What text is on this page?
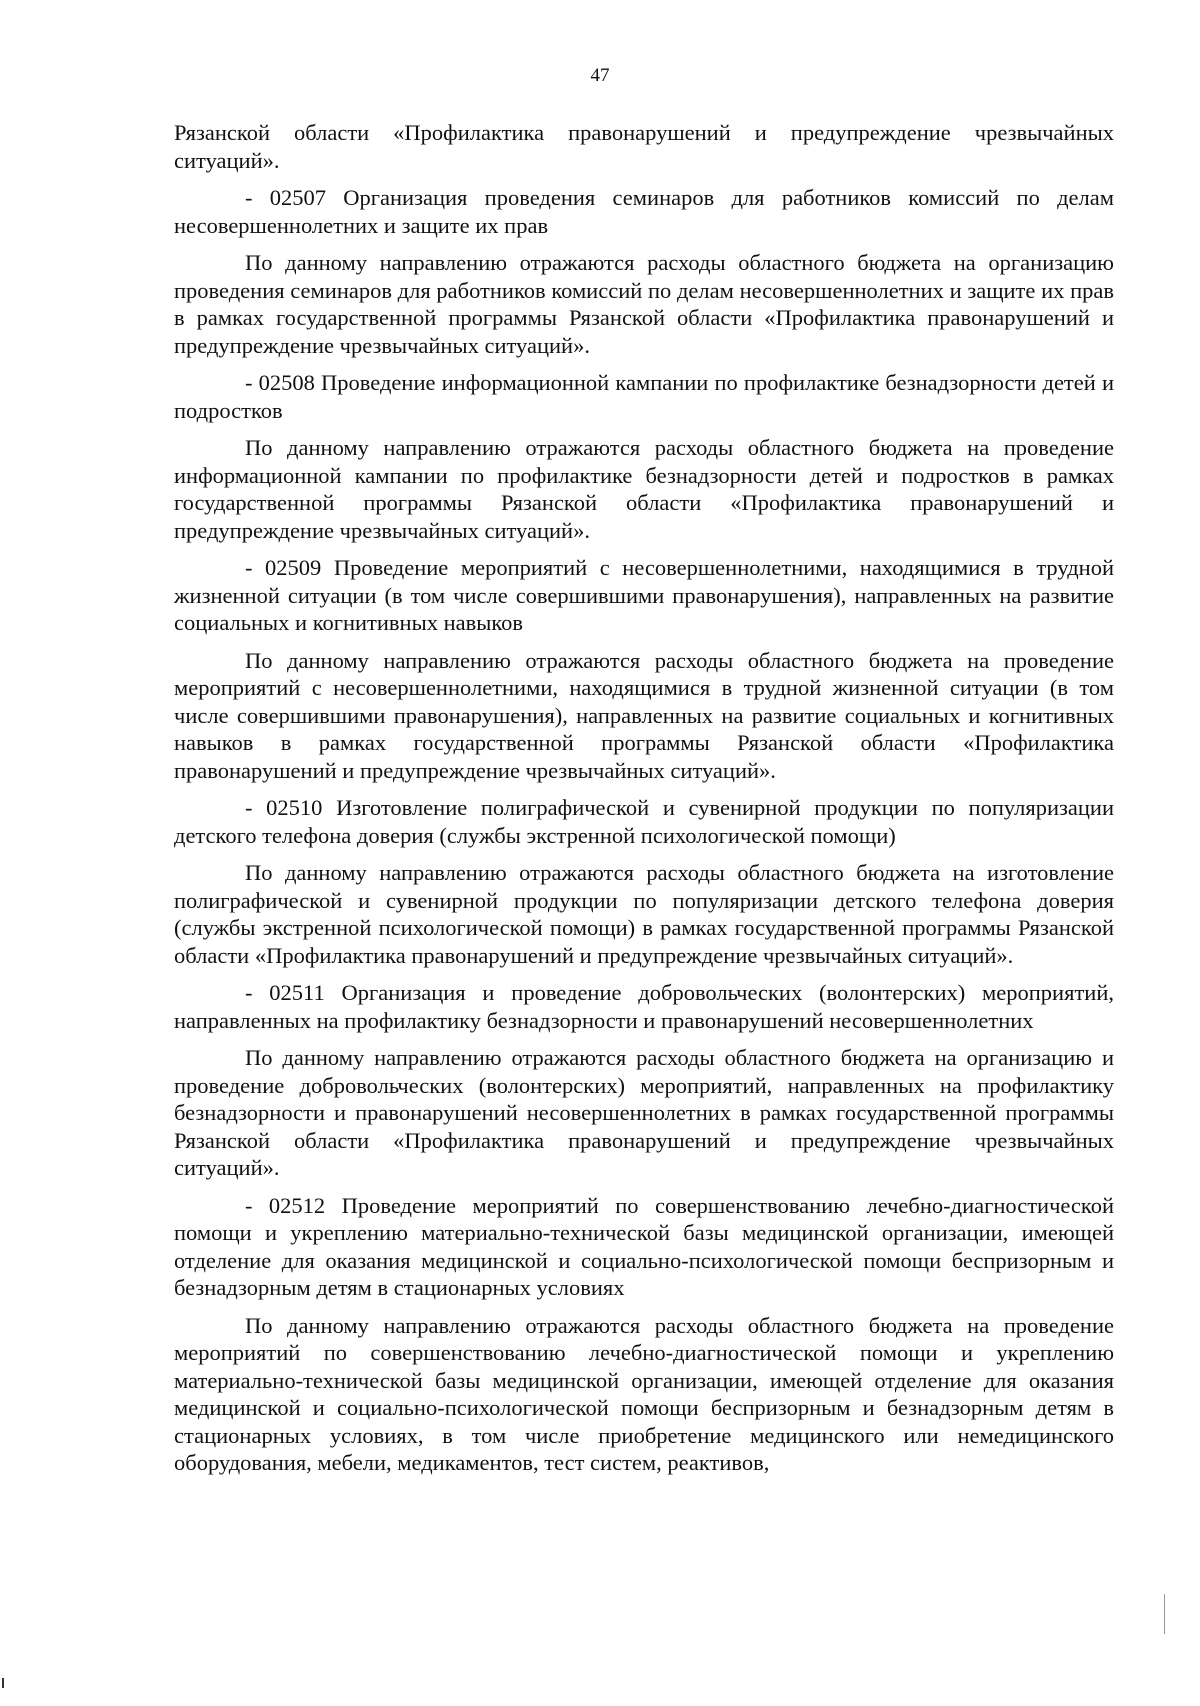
47

Рязанской области «Профилактика правонарушений и предупреждение чрезвычайных ситуаций».

- 02507 Организация проведения семинаров для работников комиссий по делам несовершеннолетних и защите их прав

По данному направлению отражаются расходы областного бюджета на организацию проведения семинаров для работников комиссий по делам несовершеннолетних и защите их прав в рамках государственной программы Рязанской области «Профилактика правонарушений и предупреждение чрезвычайных ситуаций».

- 02508 Проведение информационной кампании по профилактике безнадзорности детей и подростков

По данному направлению отражаются расходы областного бюджета на проведение информационной кампании по профилактике безнадзорности детей и подростков в рамках государственной программы Рязанской области «Профилактика правонарушений и предупреждение чрезвычайных ситуаций».

- 02509 Проведение мероприятий с несовершеннолетними, находящимися в трудной жизненной ситуации (в том числе совершившими правонарушения), направленных на развитие социальных и когнитивных навыков

По данному направлению отражаются расходы областного бюджета на проведение мероприятий с несовершеннолетними, находящимися в трудной жизненной ситуации (в том числе совершившими правонарушения), направленных на развитие социальных и когнитивных навыков в рамках государственной программы Рязанской области «Профилактика правонарушений и предупреждение чрезвычайных ситуаций».

- 02510 Изготовление полиграфической и сувенирной продукции по популяризации детского телефона доверия (службы экстренной психологической помощи)

По данному направлению отражаются расходы областного бюджета на изготовление полиграфической и сувенирной продукции по популяризации детского телефона доверия (службы экстренной психологической помощи) в рамках государственной программы Рязанской области «Профилактика правонарушений и предупреждение чрезвычайных ситуаций».

- 02511 Организация и проведение добровольческих (волонтерских) мероприятий, направленных на профилактику безнадзорности и правонарушений несовершеннолетних

По данному направлению отражаются расходы областного бюджета на организацию и проведение добровольческих (волонтерских) мероприятий, направленных на профилактику безнадзорности и правонарушений несовершеннолетних в рамках государственной программы Рязанской области «Профилактика правонарушений и предупреждение чрезвычайных ситуаций».

- 02512 Проведение мероприятий по совершенствованию лечебно-диагностической помощи и укреплению материально-технической базы медицинской организации, имеющей отделение для оказания медицинской и социально-психологической помощи беспризорным и безнадзорным детям в стационарных условиях

По данному направлению отражаются расходы областного бюджета на проведение мероприятий по совершенствованию лечебно-диагностической помощи и укреплению материально-технической базы медицинской организации, имеющей отделение для оказания медицинской и социально-психологической помощи беспризорным и безнадзорным детям в стационарных условиях, в том числе приобретение медицинского или немедицинского оборудования, мебели, медикаментов, тест систем, реактивов,
